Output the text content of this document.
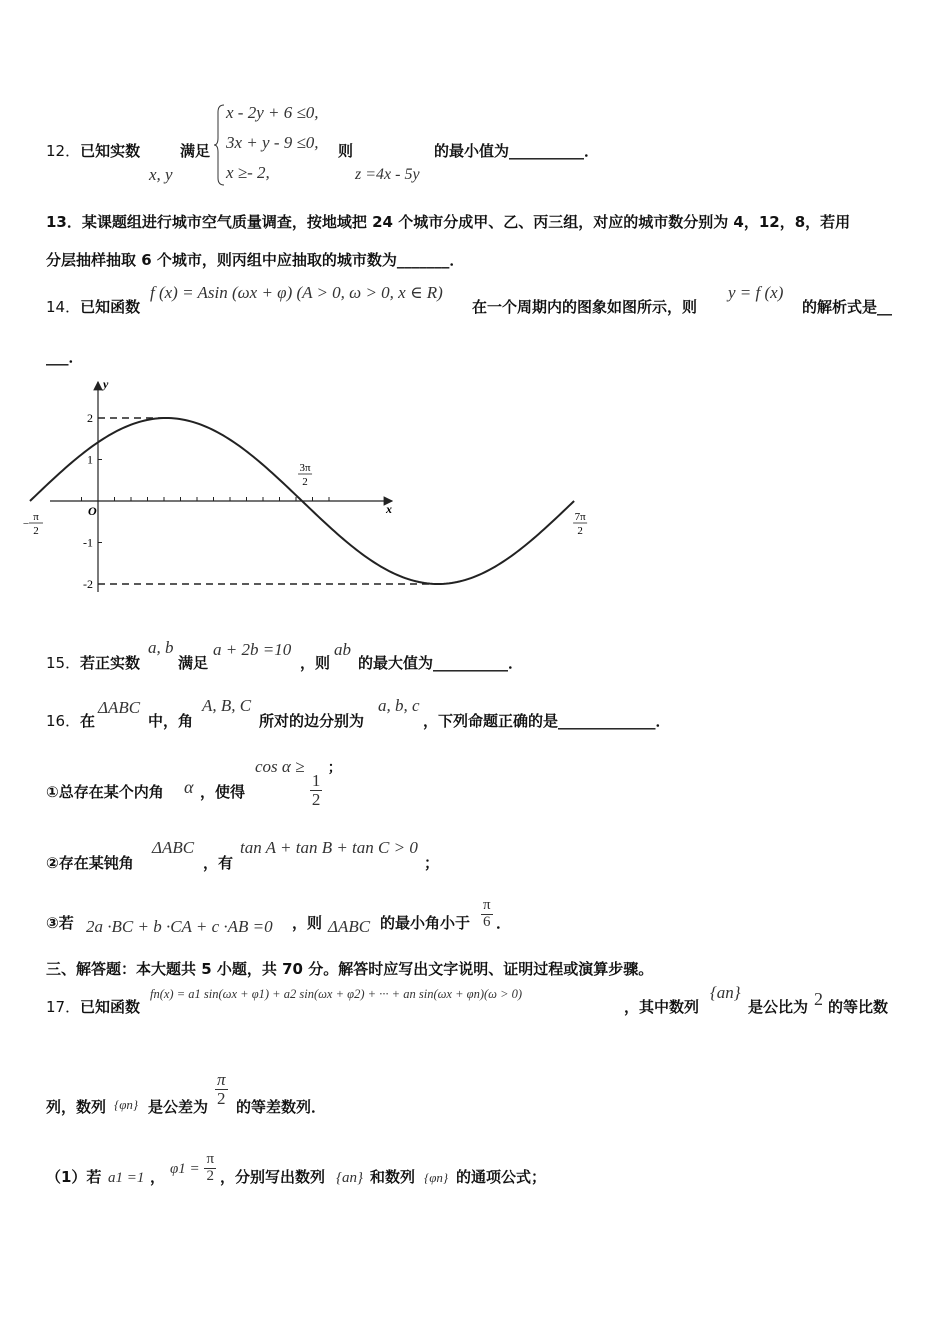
12．已知实数
x, y
满足
x - 2y + 6 ≤0,
3x + y - 9 ≤0,
x ≥- 2,
则
z =4x - 5y
的最小值为__________．
13．某课题组进行城市空气质量调查，按地域把 24 个城市分成甲、乙、丙三组，对应的城市数分别为 4，12，8，若用
分层抽样抽取 6 个城市，则丙组中应抽取的城市数为_______．
14．已知函数
f (x) = Asin (ωx + φ) (A > 0, ω > 0, x ∈ R)
在一个周期内的图象如图所示，则
y = f (x)
的解析式是__
___．
2
1
-1
-2
y
x
O
π
2
−
3π
2
7π
2
15． 若正实数
a, b
满足
a + 2b =10
，则
ab
的最大值为__________．
16． 在
ΔABC
中，角
A, B, C
所对的边分别为
a, b, c
，下列命题正确的是_____________．
①总存在某个内角 α ，使得
cos α ≥
$\frac{1}{2}$
；
②存在某钝角
ΔABC
，有
tan A + tan B + tan C > 0
；
③若 2a ·BC + b ·CA + c ·AB =0 ，则 ΔABC 的最小角小于 $\frac{\pi}{6}$ ．
三、解答题：本大题共 5 小题，共 70 分。解答时应写出文字说明、证明过程或演算步骤。
17． 已知函数
fn(x) = a1 sin(ωx + φ1) + a2 sin(ωx + φ2) + ··· + an sin(ωx + φn)(ω > 0)
，其中数列
{an}
是公比为 2 的等比数
列，数列 {φn} 是公差为 $\frac{\pi}{2}$ 的等差数列．
（1）若 a1 =1 ， $\varphi 1 = \frac{\pi}{2}$ ，分别写出数列 {an} 和数列 {φn} 的通项公式；
